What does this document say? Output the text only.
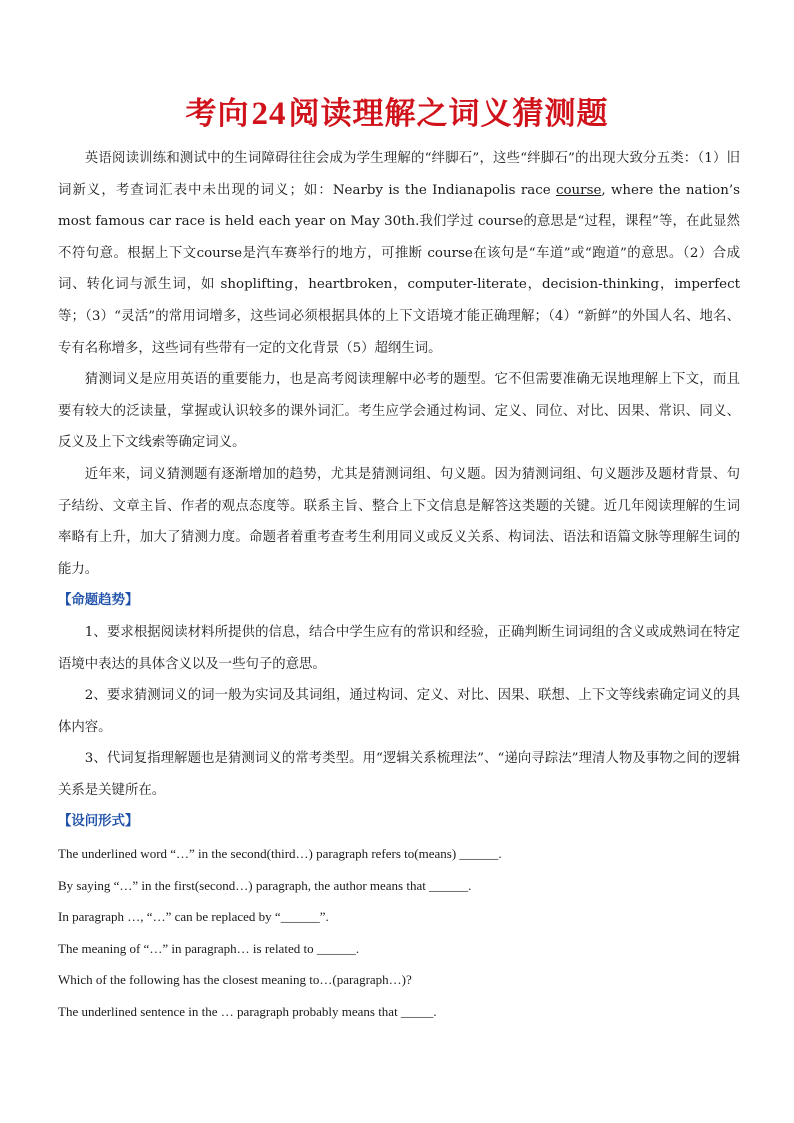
考向24阅读理解之词义猜测题

英语阅读训练和测试中的生词障碍往往会成为学生理解的“绊脚石”，这些“绊脚石”的出现大致分五类：（1）旧词新义，考查词汇表中未出现的词义；如：Nearby is the Indianapolis race course, where the nation’s most famous car race is held each year on May 30th.我们学过 course的意思是“过程，课程”等，在此显然不符句意。根据上下文course是汽车赛举行的地方，可推断 course在该句是“车道”或“跑道”的意思。（2）合成词、转化词与派生词，如 shoplifting，heartbroken，computer-literate，decision-thinking，imperfect等；（3）“灵活”的常用词增多，这些词必须根据具体的上下文语境才能正确理解；（4）“新鲜”的外国人名、地名、专有名称增多，这些词有些带有一定的文化背景（5）超纲生词。

猜测词义是应用英语的重要能力，也是高考阅读理解中必考的题型。它不但需要准确无误地理解上下文，而且要有较大的泛读量，掌握或认识较多的课外词汇。考生应学会通过构词、定义、同位、对比、因果、常识、同义、反义及上下文线索等确定词义。

近年来，词义猜测题有逐渐增加的趋势，尤其是猜测词组、句义题。因为猜测词组、句义题涉及题材背景、句子结纷、文章主旨、作者的观点态度等。联系主旨、整合上下文信息是解答这类题的关键。近几年阅读理解的生词率略有上升，加大了猜测力度。命题者着重考查考生利用同义或反义关系、构词法、语法和语篇文脉等理解生词的能力。

【命题趋势】

1、要求根据阅读材料所提供的信息，结合中学生应有的常识和经验，正确判断生词词组的含义或成熟词在特定语境中表达的具体含义以及一些句子的意思。

2、要求猜测词义的词一般为实词及其词组，通过构词、定义、对比、因果、联想、上下文等线索确定词义的具体内容。

3、代词复指理解题也是猜测词义的常考类型。用“逻辑关系梳理法”、“递向寻踪法”理清人物及事物之间的逻辑关系是关键所在。

【设问形式】

The underlined word “…” in the second(third…) paragraph refers to(means) ______.

By saying “…” in the first(second…) paragraph, the author means that ______.

In paragraph …, “…” can be replaced by “______”.

The meaning of “…” in paragraph… is related to ______.

Which of the following has the closest meaning to…(paragraph…)?

The underlined sentence in the … paragraph probably means that _____.
